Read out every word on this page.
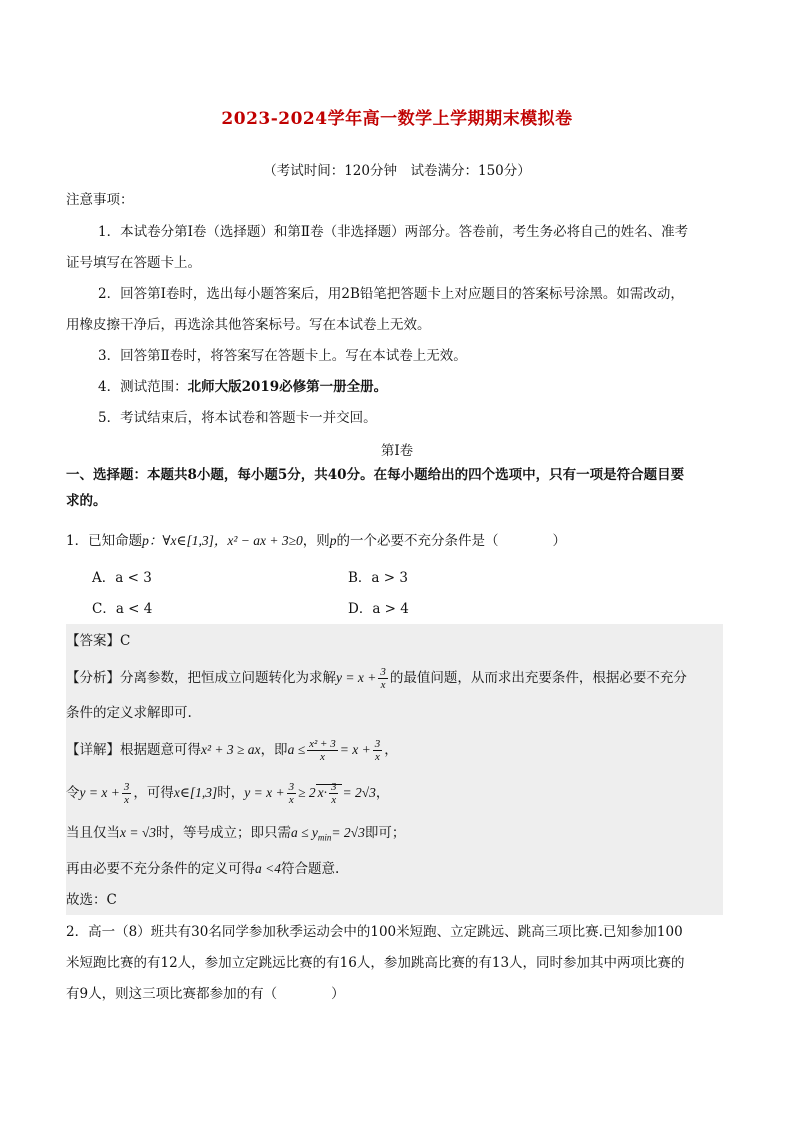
2023-2024学年高一数学上学期期末模拟卷
（考试时间：120分钟　试卷满分：150分）
注意事项：
1．本试卷分第Ⅰ卷（选择题）和第Ⅱ卷（非选择题）两部分。答卷前，考生务必将自己的姓名、准考
证号填写在答题卡上。
2．回答第Ⅰ卷时，选出每小题答案后，用2B铅笔把答题卡上对应题目的答案标号涂黑。如需改动，
用橡皮擦干净后，再选涂其他答案标号。写在本试卷上无效。
3．回答第Ⅱ卷时，将答案写在答题卡上。写在本试卷上无效。
4．测试范围：北师大版2019必修第一册全册。
5．考试结束后，将本试卷和答题卡一并交回。
第Ⅰ卷
一、选择题：本题共8小题，每小题5分，共40分。在每小题给出的四个选项中，只有一项是符合题目要
求的。
1．已知命题p：∀x∈[1,3]，x² − ax + 3≥0，则p的一个必要不充分条件是（　　　　）
A．a < 3	B．a > 3
C．a < 4	D．a > 4
【答案】C
【分析】分离参数，把恒成立问题转化为求解$y = x + \frac{3}{x}$ 的最值问题，从而求出充要条件，根据必要不充分
条件的定义求解即可.
【详解】根据题意可得x² + 3 ≥ ax，即$a \le \frac{\text{x² + 3}}{x} = x + \frac{3}{x}$ ，
令$y = x + \frac{3}{x}$ ，可得x∈[1,3]时，$y = x + \frac{3}{x} \ge 2$ $x\cdot \frac{3}{x} = 2√3$，
当且仅当x = √3时，等号成立；即只需$a \le y_{min}= 2√3$即可；
再由必要不充分条件的定义可得a <4符合题意.
故选：C
2．高一（8）班共有30名同学参加秋季运动会中的100米短跑、立定跳远、跳高三项比赛.已知参加100
米短跑比赛的有12人，参加立定跳远比赛的有16人，参加跳高比赛的有13人，同时参加其中两项比赛的
有9人，则这三项比赛都参加的有（　　　　）
